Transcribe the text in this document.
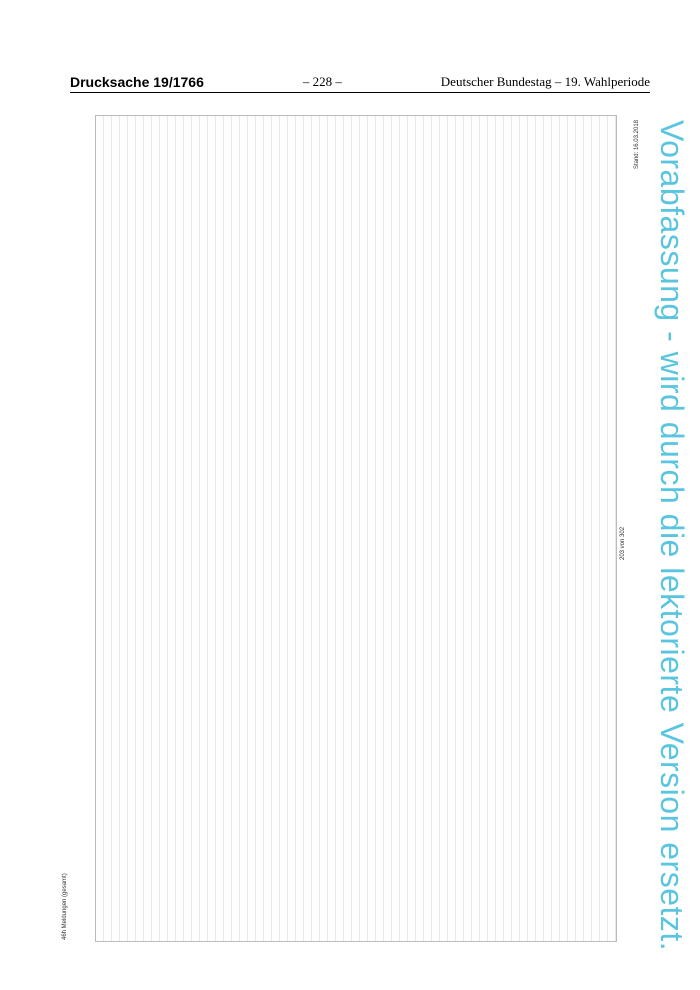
Drucksache 19/1766	– 228 –	Deutscher Bundestag – 19. Wahlperiode
Stand: 16.03.2018
46h Meldungen (gesamt)
203 von 302 Vorabfassung - wird durch die lektorierte Version ersetzt.
